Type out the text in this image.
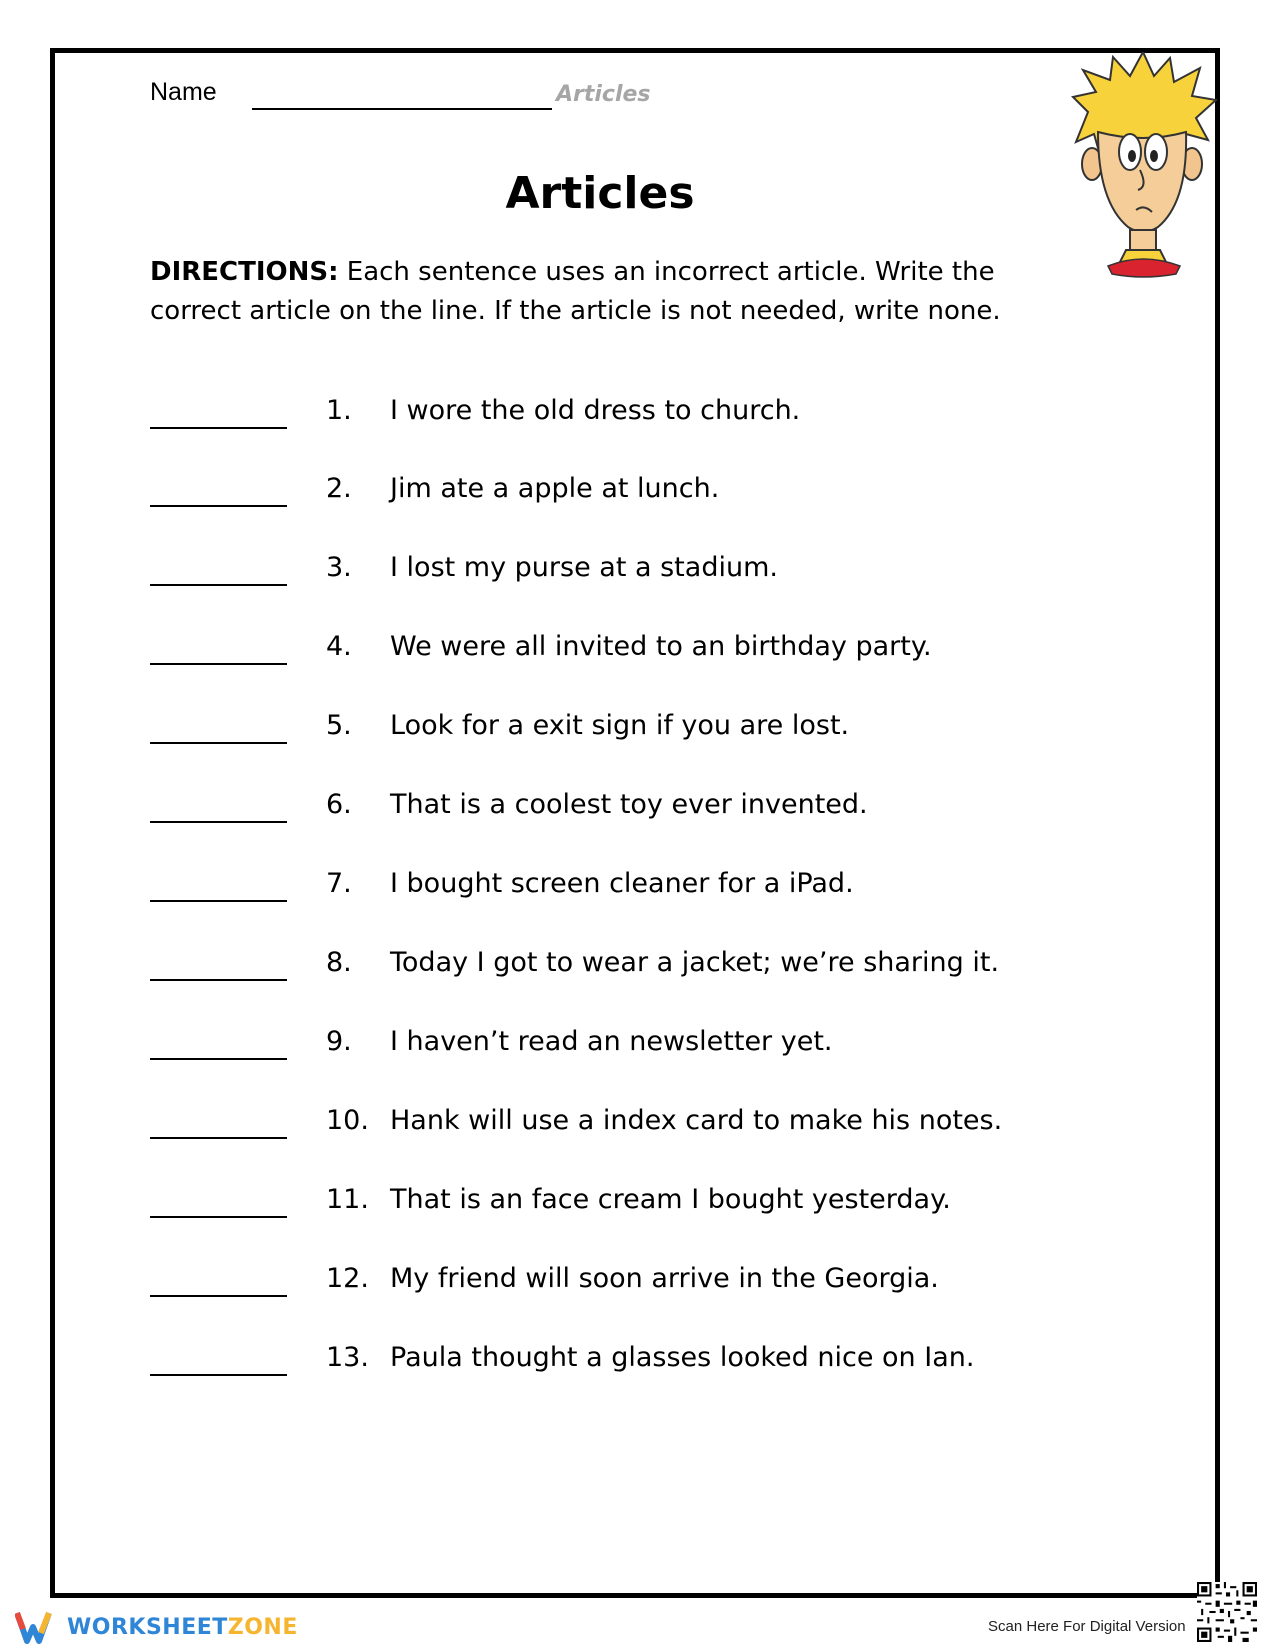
Name	Articles
Articles
DIRECTIONS: Each sentence uses an incorrect article. Write the correct article on the line. If the article is not needed, write none.
1. I wore the old dress to church.
2. Jim ate a apple at lunch.
3. I lost my purse at a stadium.
4. We were all invited to an birthday party.
5. Look for a exit sign if you are lost.
6. That is a coolest toy ever invented.
7. I bought screen cleaner for a iPad.
8. Today I got to wear a jacket; we’re sharing it.
9. I haven’t read an newsletter yet.
10. Hank will use a index card to make his notes.
11. That is an face cream I bought yesterday.
12. My friend will soon arrive in the Georgia.
13. Paula thought a glasses looked nice on Ian.
WORKSHEETZONE	Scan Here For Digital Version
